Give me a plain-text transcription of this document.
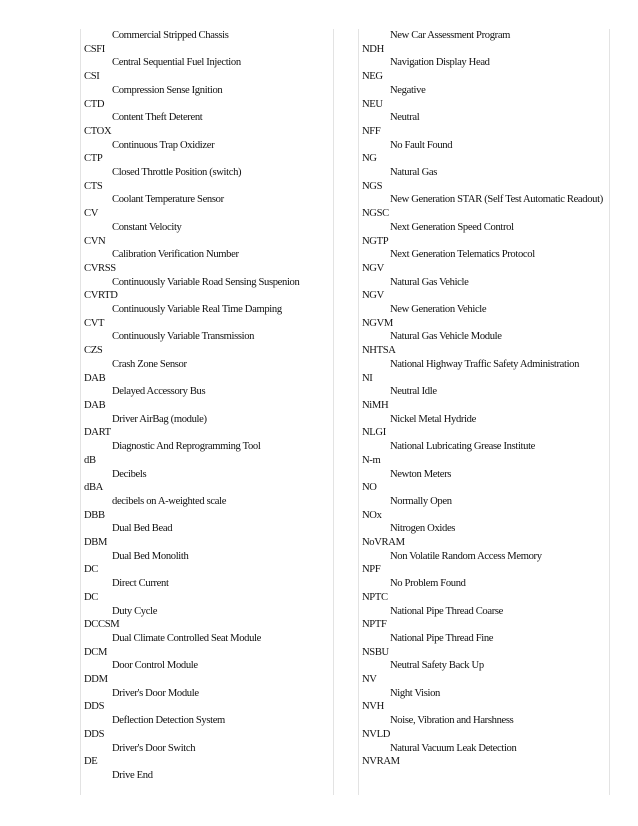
Commercial Stripped Chassis
CSFI
Central Sequential Fuel Injection
CSI
Compression Sense Ignition
CTD
Content Theft Deterent
CTOX
Continuous Trap Oxidizer
CTP
Closed Throttle Position (switch)
CTS
Coolant Temperature Sensor
CV
Constant Velocity
CVN
Calibration Verification Number
CVRSS
Continuously Variable Road Sensing Suspenion
CVRTD
Continuously Variable Real Time Damping
CVT
Continuously Variable Transmission
CZS
Crash Zone Sensor
DAB
Delayed Accessory Bus
DAB
Driver AirBag (module)
DART
Diagnostic And Reprogramming Tool
dB
Decibels
dBA
decibels on A-weighted scale
DBB
Dual Bed Bead
DBM
Dual Bed Monolith
DC
Direct Current
DC
Duty Cycle
DCCSM
Dual Climate Controlled Seat Module
DCM
Door Control Module
DDM
Driver's Door Module
DDS
Deflection Detection System
DDS
Driver's Door Switch
DE
Drive End
New Car Assessment Program
NDH
Navigation Display Head
NEG
Negative
NEU
Neutral
NFF
No Fault Found
NG
Natural Gas
NGS
New Generation STAR (Self Test Automatic Readout)
NGSC
Next Generation Speed Control
NGTP
Next Generation Telematics Protocol
NGV
Natural Gas Vehicle
NGV
New Generation Vehicle
NGVM
Natural Gas Vehicle Module
NHTSA
National Highway Traffic Safety Administration
NI
Neutral Idle
NiMH
Nickel Metal Hydride
NLGI
National Lubricating Grease Institute
N-m
Newton Meters
NO
Normally Open
NOx
Nitrogen Oxides
NoVRAM
Non Volatile Random Access Memory
NPF
No Problem Found
NPTC
National Pipe Thread Coarse
NPTF
National Pipe Thread Fine
NSBU
Neutral Safety Back Up
NV
Night Vision
NVH
Noise, Vibration and Harshness
NVLD
Natural Vacuum Leak Detection
NVRAM
